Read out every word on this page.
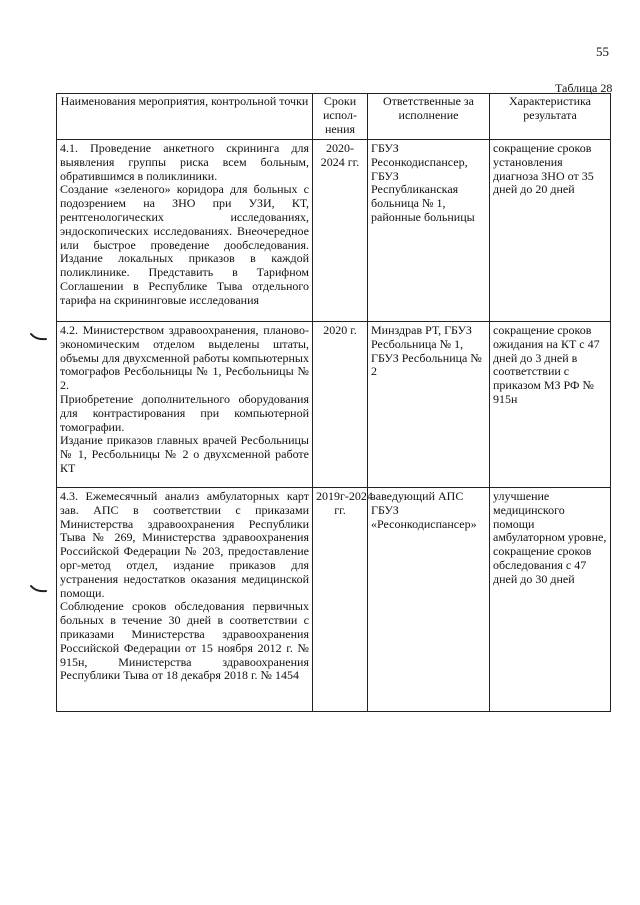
55
Таблица 28
Наименования мероприятия, контрольной точки	Сроки испол-нения	Ответственные за исполнение	Характеристика результата

4.1. Проведение анкетного скрининга для выявления группы риска всем больным, обратившимся в поликлиники.

Создание «зеленого» коридора для больных с подозрением на ЗНО при УЗИ, КТ, рентгенологических исследованиях, эндоскопических исследованиях. Внеочередное или быстрое проведение дообследования. Издание локальных приказов в каждой поликлинике. Представить в Тарифном Соглашении в Республике Тыва отдельного тарифа на скрининговые исследования	2020-2024 гг.	ГБУЗ Ресонкодиспансер, ГБУЗ Республиканская больница № 1, районные больницы	сокращение сроков установления диагноза ЗНО от 35 дней до 20 дней

4.2. Министерством здравоохранения, планово-экономическим отделом выделены штаты, объемы для двухсменной работы компьютерных томографов Ресбольницы № 1, Ресбольницы № 2.

Приобретение дополнительного оборудования для контрастирования при компьютерной томографии.

Издание приказов главных врачей Ресбольницы № 1, Ресбольницы № 2 о двухсменной работе КТ	2020 г.	Минздрав РТ, ГБУЗ Ресбольница № 1, ГБУЗ Ресбольница № 2	сокращение сроков ожидания на КТ с 47 дней до 3 дней в соответствии с приказом МЗ РФ № 915н

4.3. Ежемесячный анализ амбулаторных карт зав. АПС в соответствии с приказами Министерства здравоохранения Республики Тыва № 269, Министерства здравоохранения Российской Федерации № 203, предоставление орг-метод отдел, издание приказов для устранения недостатков оказания медицинской помощи.

Соблюдение сроков обследования первичных больных в течение 30 дней в соответствии с приказами Министерства здравоохранения Российской Федерации от 15 ноября 2012 г. № 915н, Министерства здравоохранения Республики Тыва от 18 декабря 2018 г. № 1454	2019г-2024 гг.	заведующий АПС ГБУЗ «Ресонкодиспансер»	улучшение медицинского помощи амбулаторном уровне, сокращение сроков обследования с 47 дней до 30 дней
